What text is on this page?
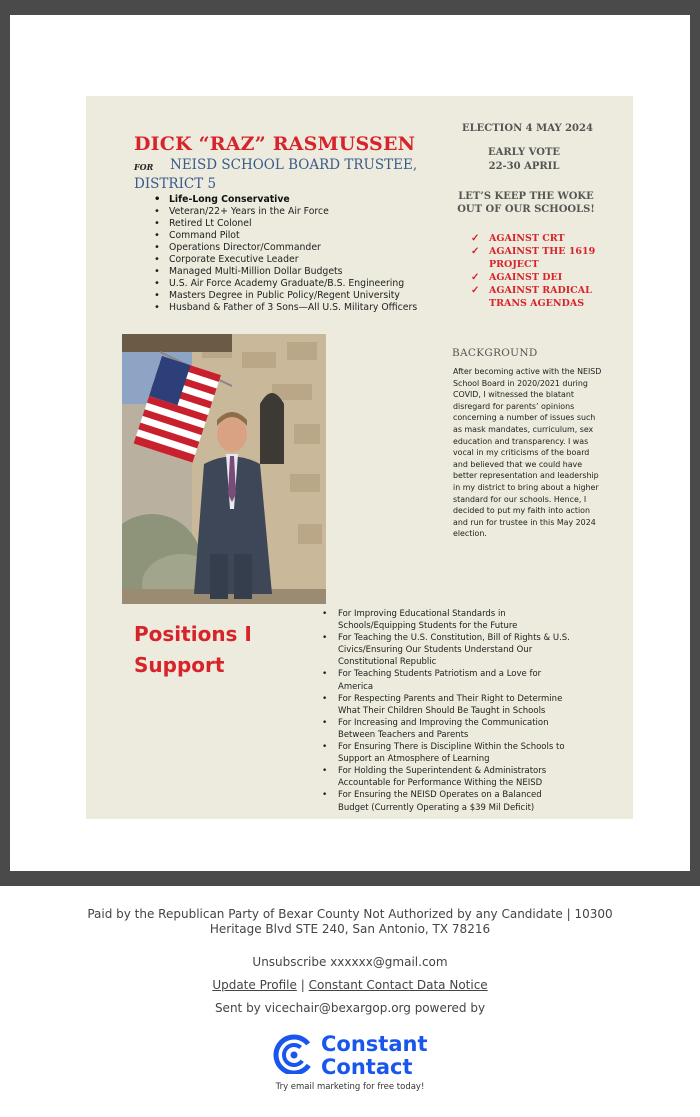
DICK “RAZ” RASMUSSEN
FOR NEISD SCHOOL BOARD TRUSTEE,
DISTRICT 5
• Life-Long Conservative
• Veteran/22+ Years in the Air Force
• Retired Lt Colonel
• Command Pilot
• Operations Director/Commander
• Corporate Executive Leader
• Managed Multi-Million Dollar Budgets
• U.S. Air Force Academy Graduate/B.S. Engineering
• Masters Degree in Public Policy/Regent University
• Husband & Father of 3 Sons—All U.S. Military Officers
ELECTION 4 MAY 2024
EARLY VOTE
22-30 APRIL
LET’S KEEP THE WOKE
OUT OF OUR SCHOOLS!
✓ AGAINST CRT
✓ AGAINST THE 1619
PROJECT
✓ AGAINST DEI
✓ AGAINST RADICAL
TRANS AGENDAS
BACKGROUND
After becoming active with the NEISD School Board in 2020/2021 during COVID, I witnessed the blatant disregard for parents’ opinions concerning a number of issues such as mask mandates, curriculum, sex education and transparency. I was vocal in my criticisms of the board and believed that we could have better representation and leadership in my district to bring about a higher standard for our schools. Hence, I decided to put my faith into action and run for trustee in this May 2024 election.
Positions I
Support
• For Improving Educational Standards in
Schools/Equipping Students for the Future
• For Teaching the U.S. Constitution, Bill of Rights & U.S.
Civics/Ensuring Our Students Understand Our
Constitutional Republic
• For Teaching Students Patriotism and a Love for
America
• For Respecting Parents and Their Right to Determine
What Their Children Should Be Taught in Schools
• For Increasing and Improving the Communication
Between Teachers and Parents
• For Ensuring There is Discipline Within the Schools to
Support an Atmosphere of Learning
• For Holding the Superintendent & Administrators
Accountable for Performance Withing the NEISD
• For Ensuring the NEISD Operates on a Balanced
Budget (Currently Operating a $39 Mil Deficit)
Paid by the Republican Party of Bexar County Not Authorized by any Candidate | 10300
Heritage Blvd STE 240, San Antonio, TX 78216
Unsubscribe xxxxxx@gmail.com
Update Profile | Constant Contact Data Notice
Sent by vicechair@bexargop.org powered by
Constant
Contact
Try email marketing for free today!
